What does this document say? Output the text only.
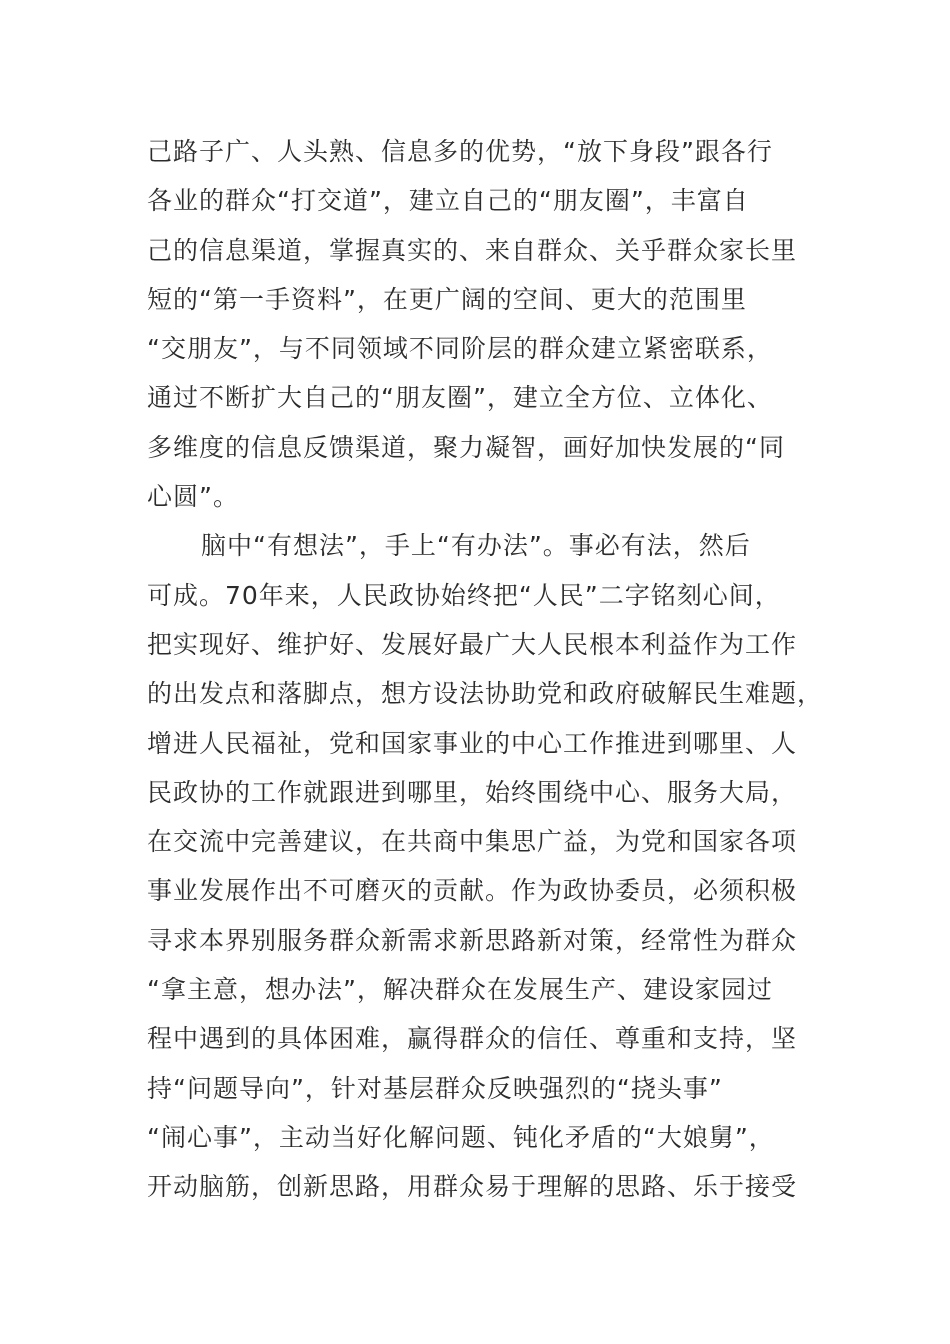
己路子广、人头熟、信息多的优势，“放下身段”跟各行
各业的群众“打交道”，建立自己的“朋友圈”，丰富自
己的信息渠道，掌握真实的、来自群众、关乎群众家长里
短的“第一手资料”，在更广阔的空间、更大的范围里
“交朋友”，与不同领域不同阶层的群众建立紧密联系，
通过不断扩大自己的“朋友圈”，建立全方位、立体化、
多维度的信息反馈渠道，聚力凝智，画好加快发展的“同
心圆”。
脑中“有想法”，手上“有办法”。事必有法，然后
可成。70年来，人民政协始终把“人民”二字铭刻心间，
把实现好、维护好、发展好最广大人民根本利益作为工作
的出发点和落脚点，想方设法协助党和政府破解民生难题，
增进人民福祉，党和国家事业的中心工作推进到哪里、人
民政协的工作就跟进到哪里，始终围绕中心、服务大局，
在交流中完善建议，在共商中集思广益，为党和国家各项
事业发展作出不可磨灭的贡献。作为政协委员，必须积极
寻求本界别服务群众新需求新思路新对策，经常性为群众
“拿主意，想办法”，解决群众在发展生产、建设家园过
程中遇到的具体困难，赢得群众的信任、尊重和支持，坚
持“问题导向”，针对基层群众反映强烈的“挠头事”
“闹心事”，主动当好化解问题、钝化矛盾的“大娘舅”，
开动脑筋，创新思路，用群众易于理解的思路、乐于接受
